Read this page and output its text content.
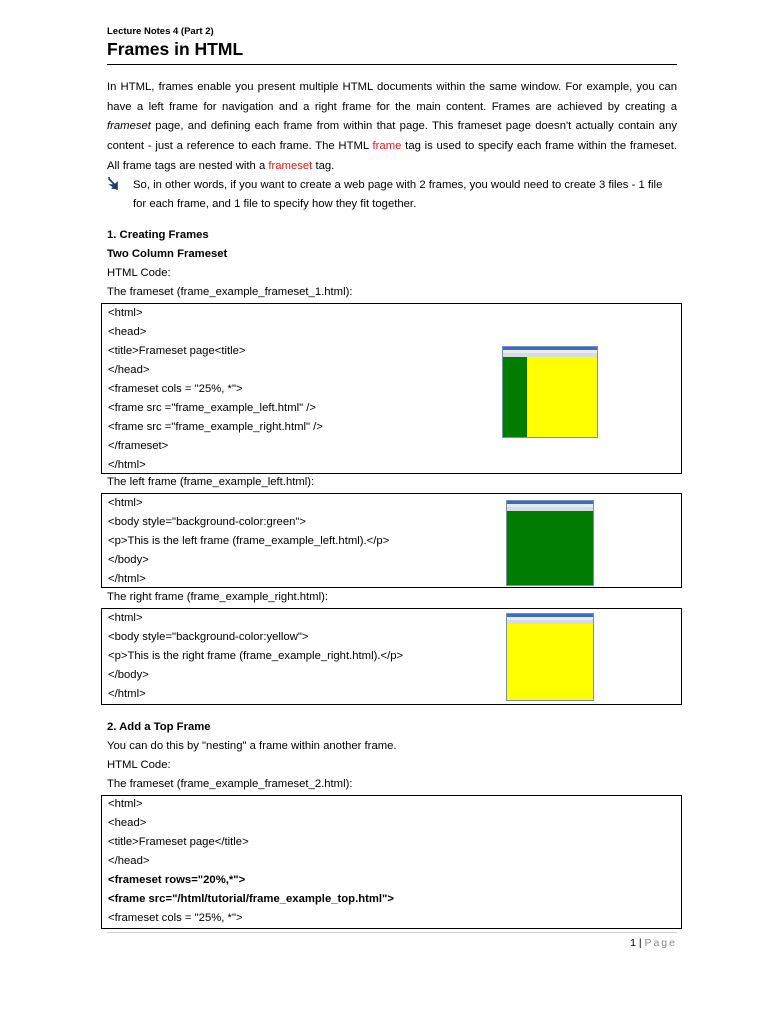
Lecture Notes 4 (Part 2)
Frames in HTML
In HTML, frames enable you present multiple HTML documents within the same window. For example, you can have a left frame for navigation and a right frame for the main content. Frames are achieved by creating a frameset page, and defining each frame from within that page. This frameset page doesn't actually contain any content - just a reference to each frame. The HTML frame tag is used to specify each frame within the frameset. All frame tags are nested with a frameset tag.
So, in other words, if you want to create a web page with 2 frames, you would need to create 3 files - 1 file for each frame, and 1 file to specify how they fit together.
1. Creating Frames
Two Column Frameset
HTML Code:
The frameset (frame_example_frameset_1.html):
<html>
<head>
<title>Frameset page<title>
</head>
<frameset cols = "25%, *">
<frame src ="frame_example_left.html" />
<frame src ="frame_example_right.html" />
</frameset>
</html>
The left frame (frame_example_left.html):
<html>
<body style="background-color:green">
<p>This is the left frame (frame_example_left.html).</p>
</body>
</html>
The right frame (frame_example_right.html):
<html>
<body style="background-color:yellow">
<p>This is the right frame (frame_example_right.html).</p>
</body>
</html>
2. Add a Top Frame
You can do this by "nesting" a frame within another frame.
HTML Code:
The frameset (frame_example_frameset_2.html):
<html>
<head>
<title>Frameset page</title>
</head>
<frameset rows="20%,*">
<frame src="/html/tutorial/frame_example_top.html">
<frameset cols = "25%, *">
1 | Page
